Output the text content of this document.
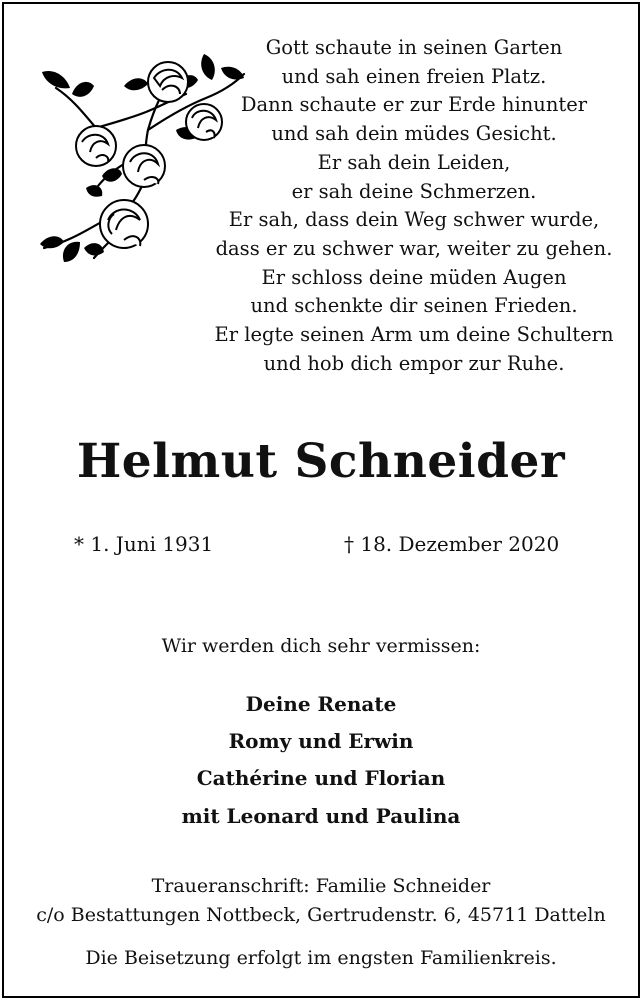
Gott schaute in seinen Garten
und sah einen freien Platz.
Dann schaute er zur Erde hinunter
und sah dein müdes Gesicht.
Er sah dein Leiden,
er sah deine Schmerzen.
Er sah, dass dein Weg schwer wurde,
dass er zu schwer war, weiter zu gehen.
Er schloss deine müden Augen
und schenkte dir seinen Frieden.
Er legte seinen Arm um deine Schultern
und hob dich empor zur Ruhe.
Helmut Schneider
* 1. Juni 1931	† 18. Dezember 2020
Wir werden dich sehr vermissen:
Deine Renate
Romy und Erwin
Cathérine und Florian
mit Leonard und Paulina
Traueranschrift: Familie Schneider
c/o Bestattungen Nottbeck, Gertrudenstr. 6, 45711 Datteln
Die Beisetzung erfolgt im engsten Familienkreis.
